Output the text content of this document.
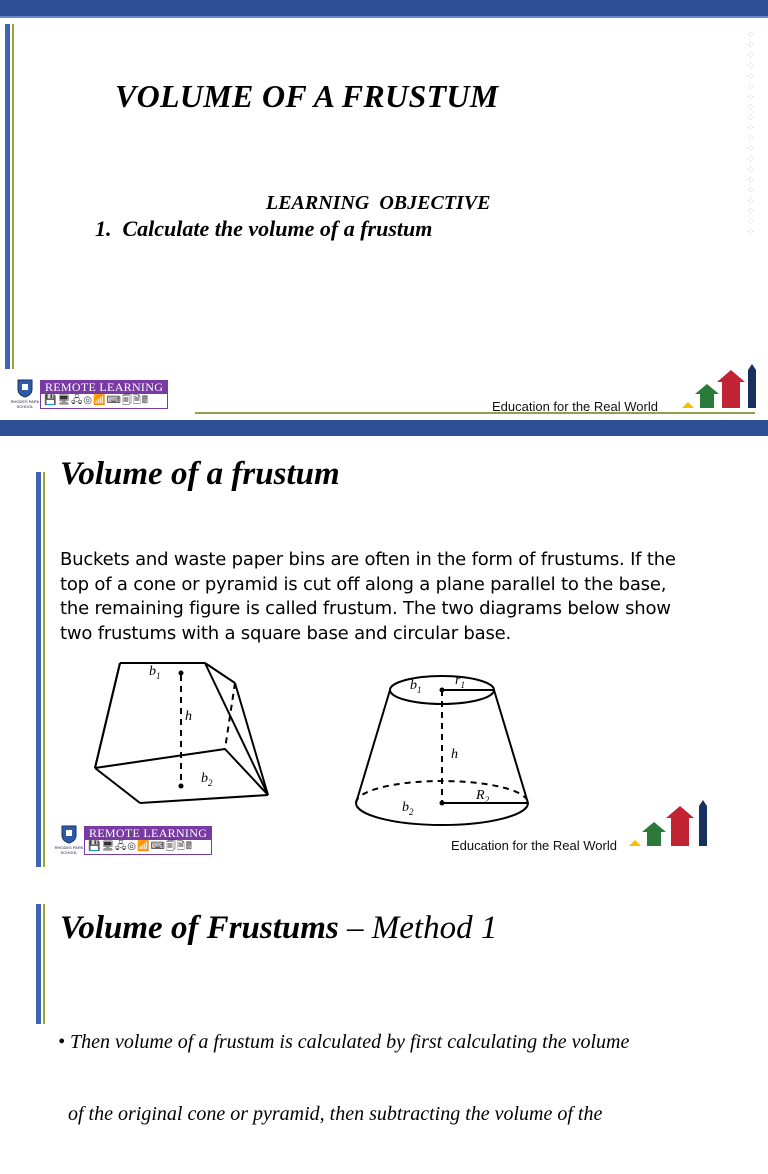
⁘⁘⁘⁘⁘⁘⁘⁘⁘⁘⁘⁘⁘⁘⁘⁘⁘⁘⁘⁘
VOLUME OF A FRUSTUM
LEARNING  OBJECTIVE
1.  Calculate the volume of a frustum
RHODES PARK SCHOOL
REMOTE LEARNING
💾🖥🖧◎📶⌨🗐🗎🖩	Education for the Real World
Volume of a frustum
Buckets and waste paper bins are often in the form of frustums. If the
top of a cone or pyramid is cut off along a plane parallel to the base,
the remaining figure is called frustum. The two diagrams below show
two frustums with a square base and circular base.
$b_1$
h
$b_2$
$b_1$
$r_1$
h
$b_2$
$R_2$
RHODES PARK SCHOOL
REMOTE LEARNING
💾🖥🖧◎📶⌨🗐🗎🖩	Education for the Real World
Volume of Frustums – Method 1

• Then volume of a frustum is calculated by first calculating the volume

of the original cone or pyramid, then subtracting the volume of the
